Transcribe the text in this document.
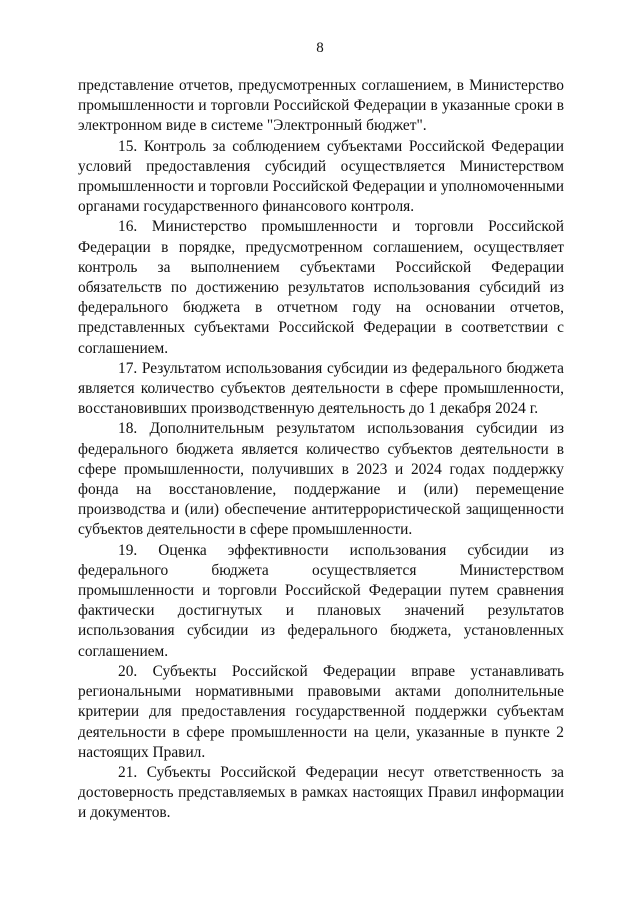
8

представление отчетов, предусмотренных соглашением, в Министерство промышленности и торговли Российской Федерации в указанные сроки в электронном виде в системе "Электронный бюджет".

15. Контроль за соблюдением субъектами Российской Федерации условий предоставления субсидий осуществляется Министерством промышленности и торговли Российской Федерации и уполномоченными органами государственного финансового контроля.

16. Министерство промышленности и торговли Российской Федерации в порядке, предусмотренном соглашением, осуществляет контроль за выполнением субъектами Российской Федерации обязательств по достижению результатов использования субсидий из федерального бюджета в отчетном году на основании отчетов, представленных субъектами Российской Федерации в соответствии с соглашением.

17. Результатом использования субсидии из федерального бюджета является количество субъектов деятельности в сфере промышленности, восстановивших производственную деятельность до 1 декабря 2024 г.

18. Дополнительным результатом использования субсидии из федерального бюджета является количество субъектов деятельности в сфере промышленности, получивших в 2023 и 2024 годах поддержку фонда на восстановление, поддержание и (или) перемещение производства и (или) обеспечение антитеррористической защищенности субъектов деятельности в сфере промышленности.

19. Оценка эффективности использования субсидии из федерального бюджета осуществляется Министерством промышленности и торговли Российской Федерации путем сравнения фактически достигнутых и плановых значений результатов использования субсидии из федерального бюджета, установленных соглашением.

20. Субъекты Российской Федерации вправе устанавливать региональными нормативными правовыми актами дополнительные критерии для предоставления государственной поддержки субъектам деятельности в сфере промышленности на цели, указанные в пункте 2 настоящих Правил.

21. Субъекты Российской Федерации несут ответственность за достоверность представляемых в рамках настоящих Правил информации и документов.
